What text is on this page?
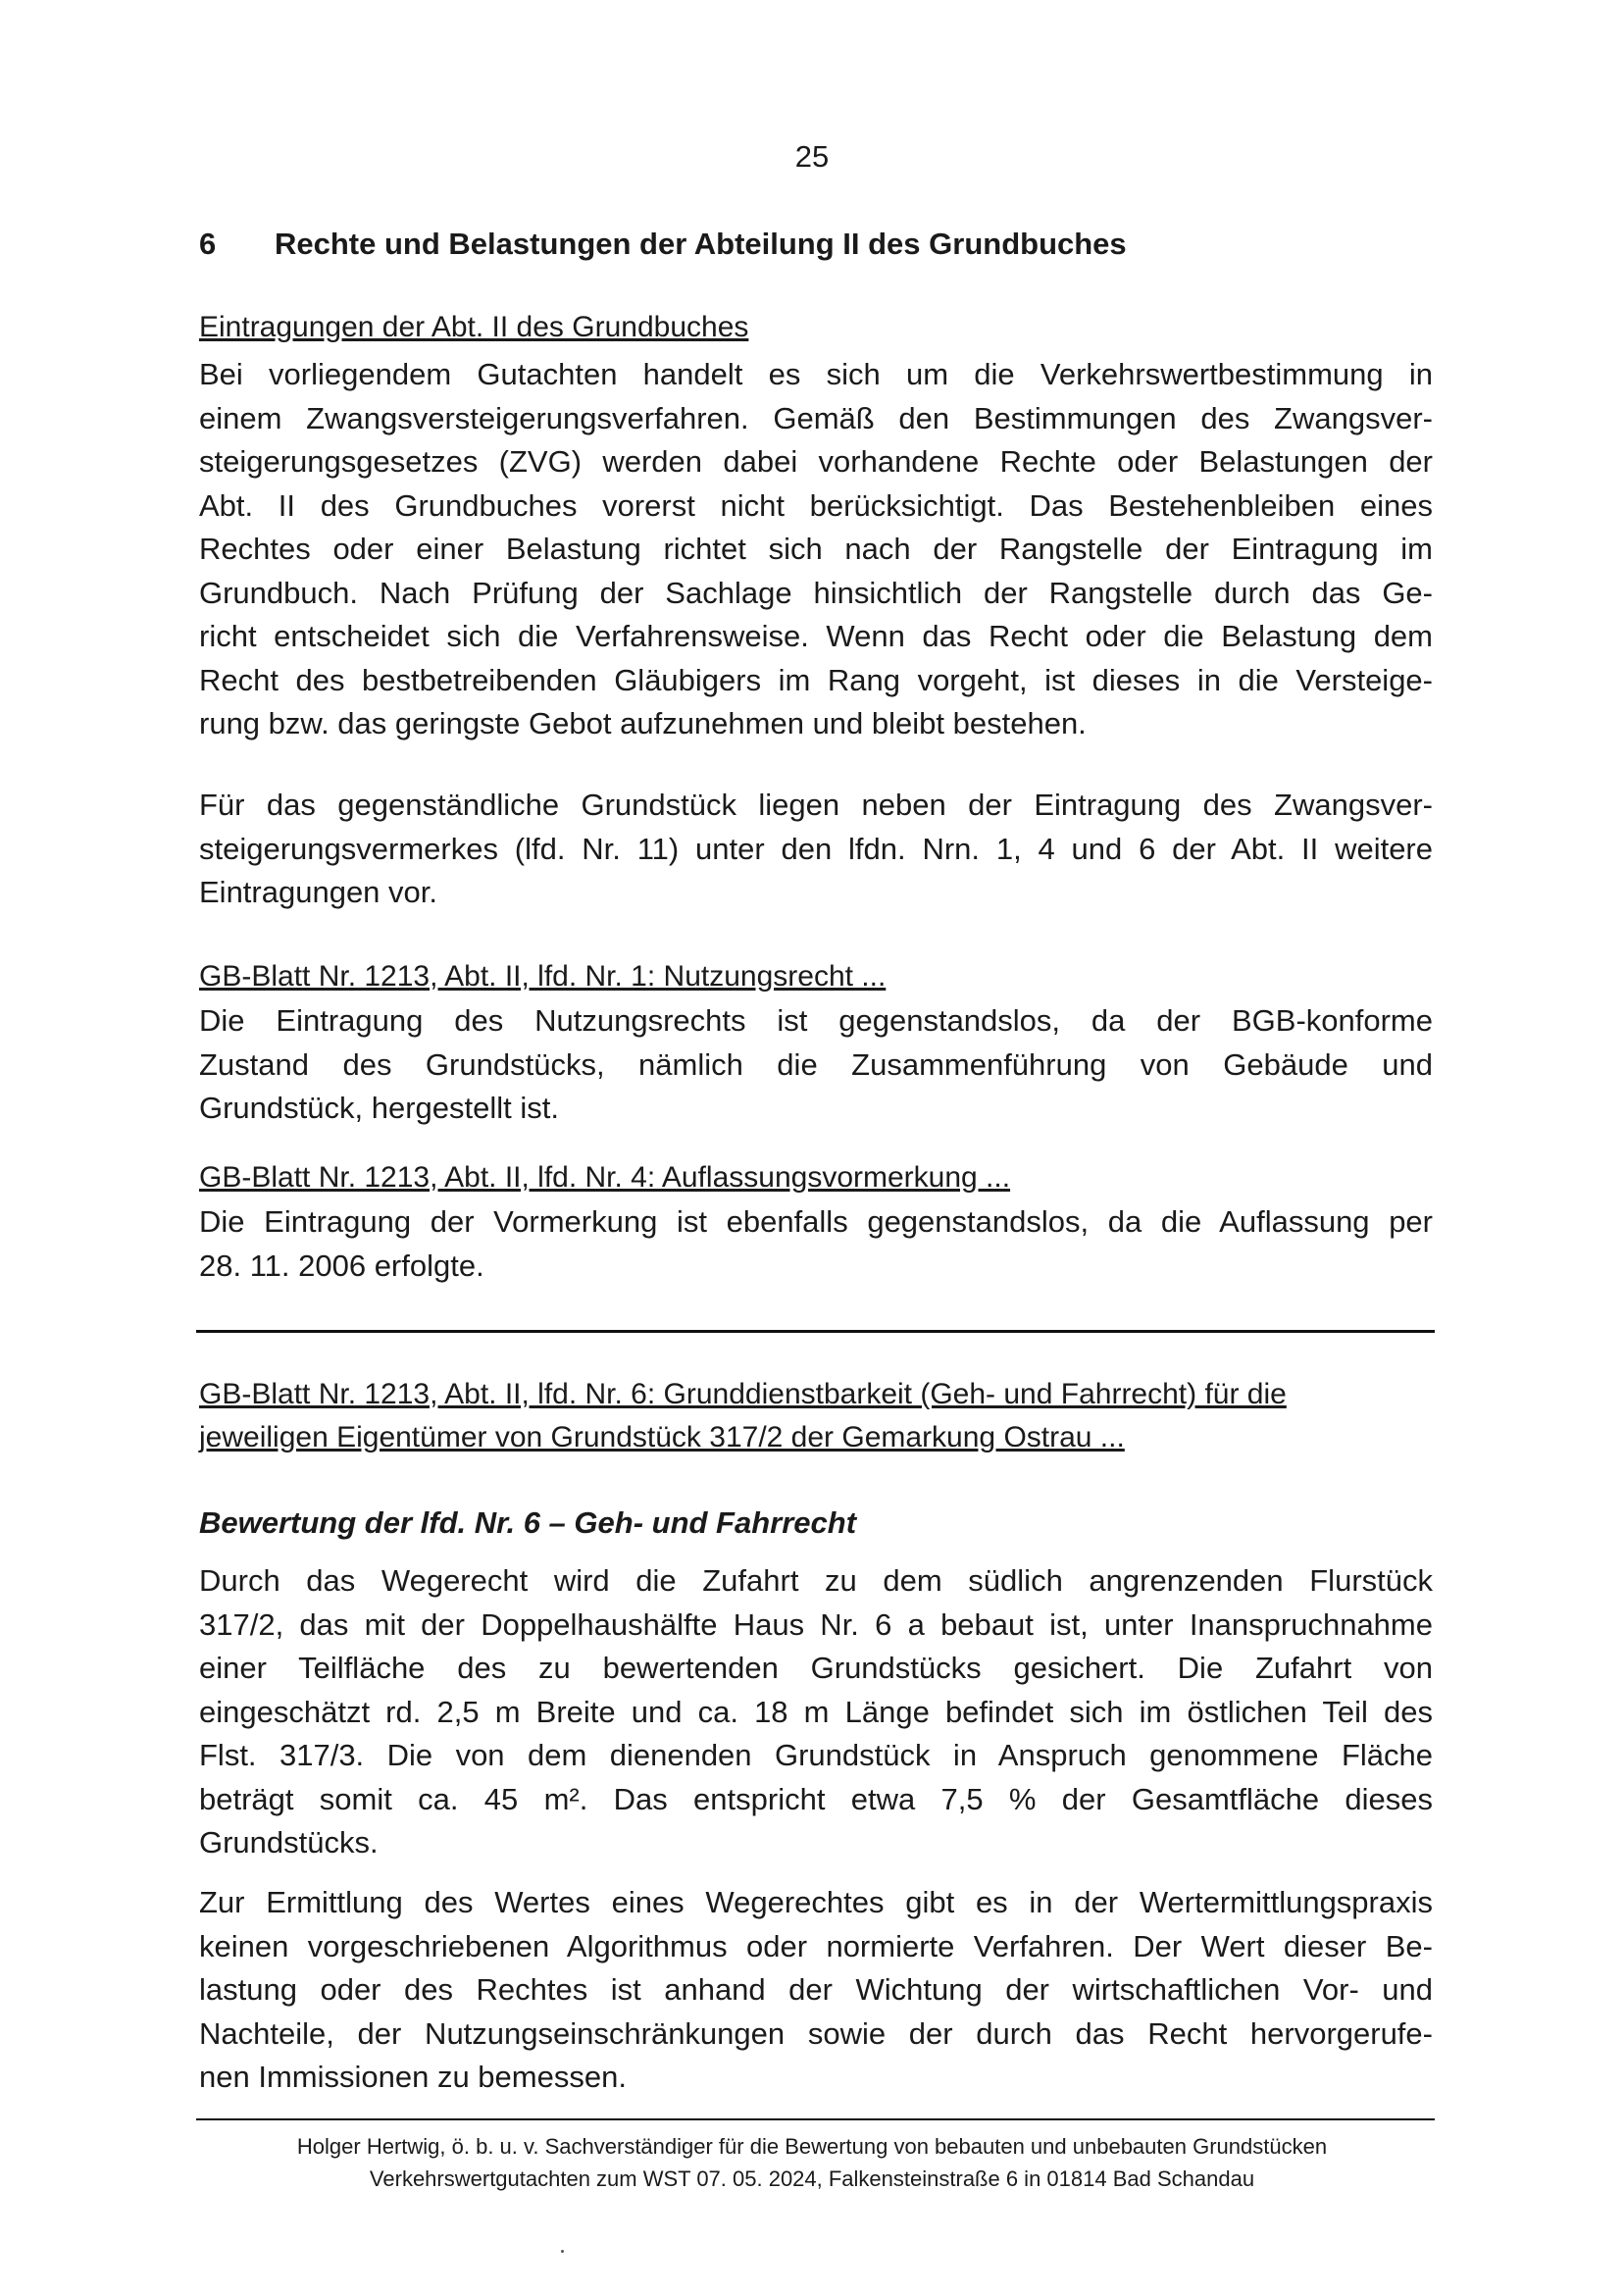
25
6 Rechte und Belastungen der Abteilung II des Grundbuches
Eintragungen der Abt. II des Grundbuches
Bei vorliegendem Gutachten handelt es sich um die Verkehrswertbestimmung in
einem Zwangsversteigerungsverfahren. Gemäß den Bestimmungen des Zwangsver-
steigerungsgesetzes (ZVG) werden dabei vorhandene Rechte oder Belastungen der
Abt. II des Grundbuches vorerst nicht berücksichtigt. Das Bestehenbleiben eines
Rechtes oder einer Belastung richtet sich nach der Rangstelle der Eintragung im
Grundbuch. Nach Prüfung der Sachlage hinsichtlich der Rangstelle durch das Ge-
richt entscheidet sich die Verfahrensweise. Wenn das Recht oder die Belastung dem
Recht des bestbetreibenden Gläubigers im Rang vorgeht, ist dieses in die Versteige-
rung bzw. das geringste Gebot aufzunehmen und bleibt bestehen.
Für das gegenständliche Grundstück liegen neben der Eintragung des Zwangsver-
steigerungsvermerkes (lfd. Nr. 11) unter den lfdn. Nrn. 1, 4 und 6 der Abt. II weitere
Eintragungen vor.
GB-Blatt Nr. 1213, Abt. II, lfd. Nr. 1: Nutzungsrecht ...
Die Eintragung des Nutzungsrechts ist gegenstandslos, da der BGB-konforme
Zustand des Grundstücks, nämlich die Zusammenführung von Gebäude und
Grundstück, hergestellt ist.
GB-Blatt Nr. 1213, Abt. II, lfd. Nr. 4: Auflassungsvormerkung ...
Die Eintragung der Vormerkung ist ebenfalls gegenstandslos, da die Auflassung per
28. 11. 2006 erfolgte.
GB-Blatt Nr. 1213, Abt. II, lfd. Nr. 6: Grunddienstbarkeit (Geh- und Fahrrecht) für die
jeweiligen Eigentümer von Grundstück 317/2 der Gemarkung Ostrau ...
Bewertung der lfd. Nr. 6 – Geh- und Fahrrecht
Durch das Wegerecht wird die Zufahrt zu dem südlich angrenzenden Flurstück
317/2, das mit der Doppelhaushälfte Haus Nr. 6 a bebaut ist, unter Inanspruchnahme
einer Teilfläche des zu bewertenden Grundstücks gesichert. Die Zufahrt von
eingeschätzt rd. 2,5 m Breite und ca. 18 m Länge befindet sich im östlichen Teil des
Flst. 317/3. Die von dem dienenden Grundstück in Anspruch genommene Fläche
beträgt somit ca. 45 m². Das entspricht etwa 7,5 % der Gesamtfläche dieses
Grundstücks.
Zur Ermittlung des Wertes eines Wegerechtes gibt es in der Wertermittlungspraxis
keinen vorgeschriebenen Algorithmus oder normierte Verfahren. Der Wert dieser Be-
lastung oder des Rechtes ist anhand der Wichtung der wirtschaftlichen Vor- und
Nachteile, der Nutzungseinschränkungen sowie der durch das Recht hervorgerufe-
nen Immissionen zu bemessen.
Holger Hertwig, ö. b. u. v. Sachverständiger für die Bewertung von bebauten und unbebauten Grundstücken
Verkehrswertgutachten zum WST 07. 05. 2024, Falkensteinstraße 6 in 01814 Bad Schandau
